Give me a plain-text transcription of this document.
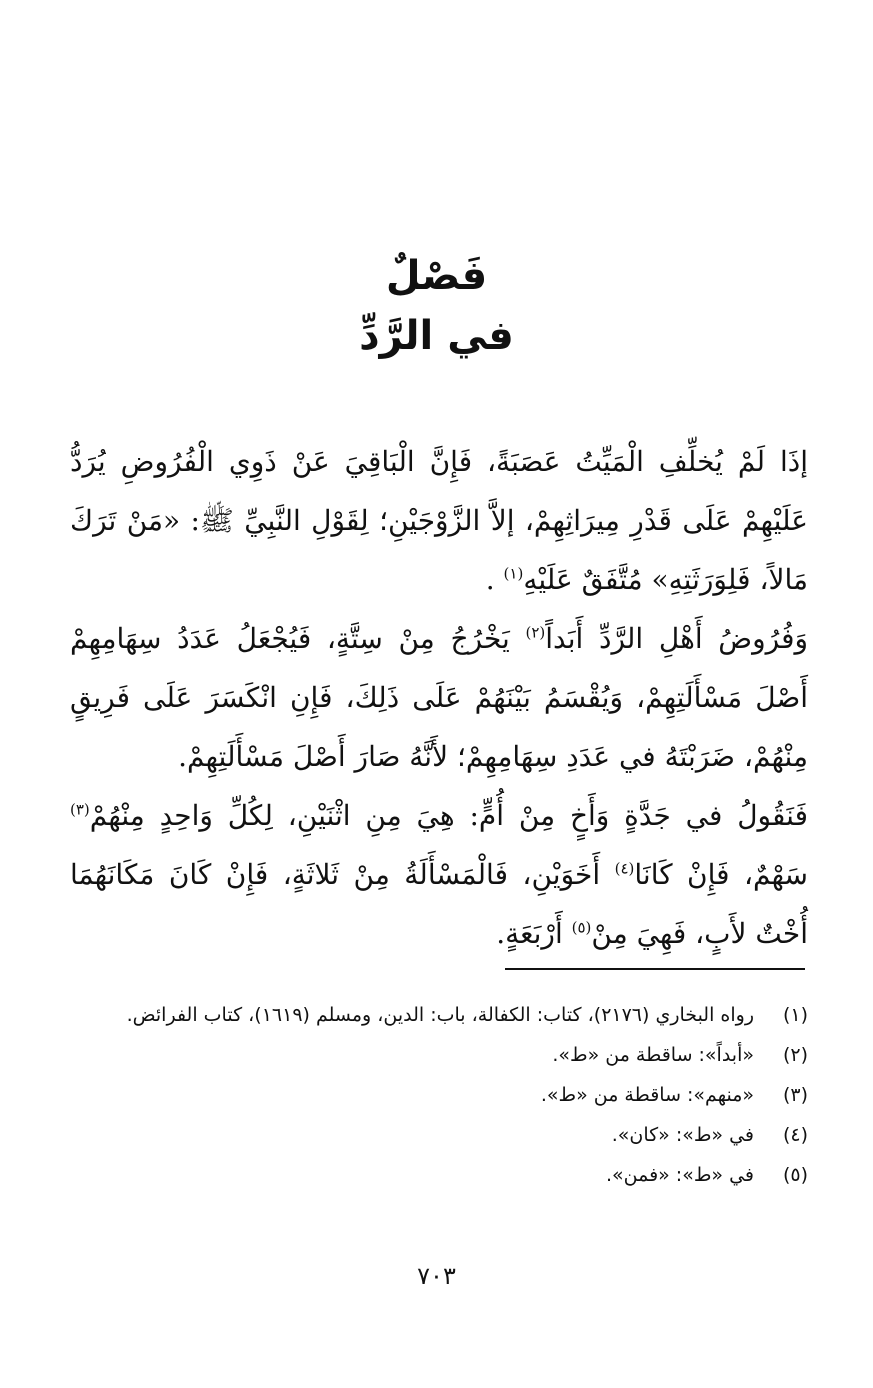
فَصْلٌ
في الرَّدِّ

إذَا لَمْ يُخلِّفِ الْمَيِّتُ عَصَبَةً، فَإِنَّ الْبَاقِيَ عَنْ ذَوِي الْفُرُوضِ يُرَدُّ عَلَيْهِمْ عَلَى قَدْرِ مِيرَاثِهِمْ، إلاَّ الزَّوْجَيْنِ؛ لِقَوْلِ النَّبِيِّ ﷺ: «مَنْ تَرَكَ مَالاً، فَلِوَرَثَتِهِ» مُتَّفَقٌ عَلَيْهِ$^{(١)}$ .

وَفُرُوضُ أَهْلِ الرَّدِّ أَبَداً$^{(٢)}$ يَخْرُجُ مِنْ سِتَّةٍ، فَيُجْعَلُ عَدَدُ سِهَامِهِمْ أَصْلَ مَسْأَلَتِهِمْ، وَيُقْسَمُ بَيْنَهُمْ عَلَى ذَلِكَ، فَإِنِ انْكَسَرَ عَلَى فَرِيقٍ مِنْهُمْ، ضَرَبْتَهُ في عَدَدِ سِهَامِهِمْ؛ لأَنَّهُ صَارَ أَصْلَ مَسْأَلَتِهِمْ.

فَنَقُولُ في جَدَّةٍ وَأَخٍ مِنْ أُمٍّ: هِيَ مِنِ اثْنَيْنِ، لِكُلِّ وَاحِدٍ مِنْهُمْ$^{(٣)}$ سَهْمٌ، فَإِنْ كَانَا$^{(٤)}$ أَخَوَيْنِ، فَالْمَسْأَلَةُ مِنْ ثَلاثَةٍ، فَإِنْ كَانَ مَكَانَهُمَا أُخْتٌ لأَبٍ، فَهِيَ مِنْ$^{(٥)}$ أَرْبَعَةٍ.

(١)
رواه البخاري (٢١٧٦)، كتاب: الكفالة، باب: الدين، ومسلم (١٦١٩)، كتاب الفرائض.
(٢)
«أبداً»: ساقطة من «ط».
(٣)
«منهم»: ساقطة من «ط».
(٤)
في «ط»: «كان».
(٥)
في «ط»: «فمن».
٧٠٣
